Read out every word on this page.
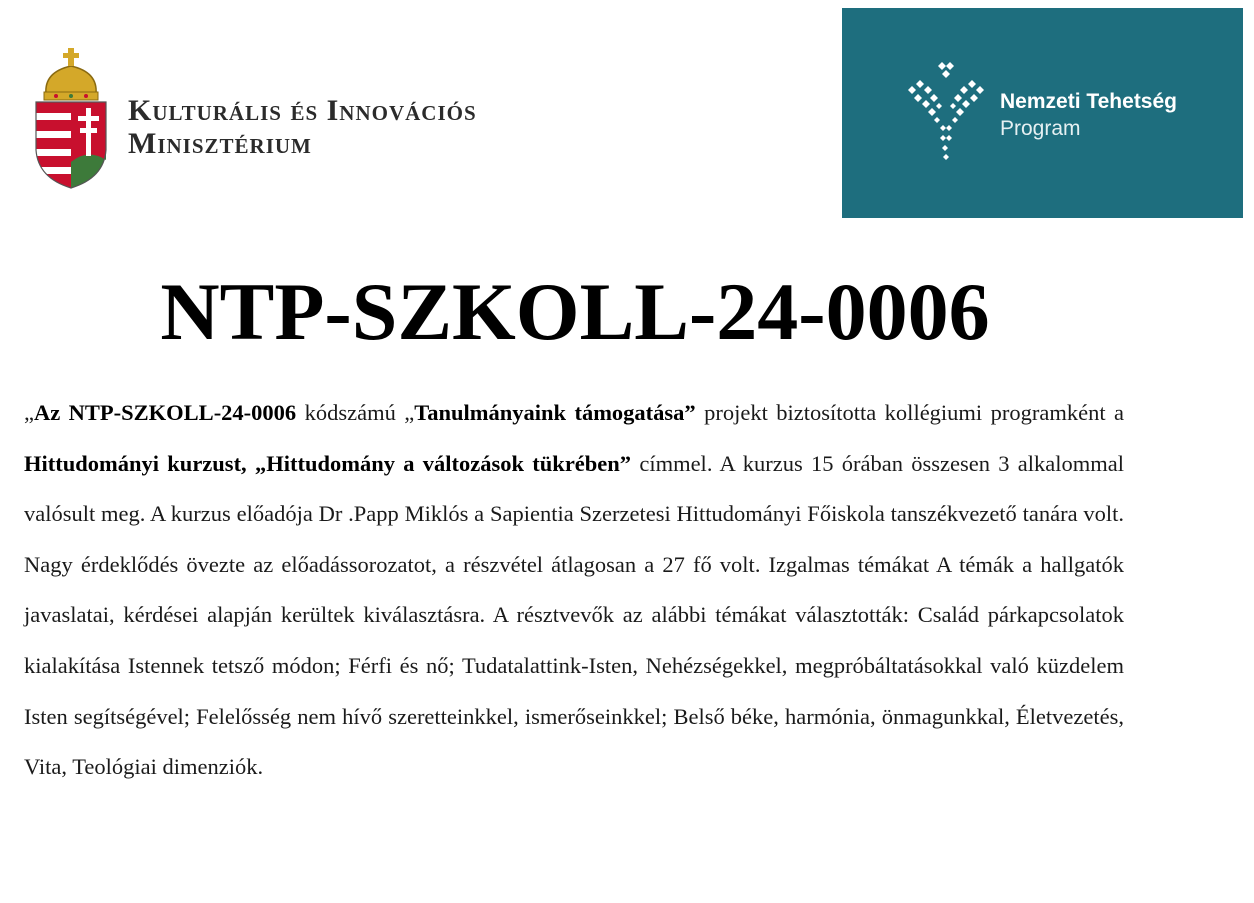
Kulturális és Innovációs
Minisztérium
Nemzeti Tehetség
Program
NTP-SZKOLL-24-0006
„Az NTP-SZKOLL-24-0006 kódszámú „Tanulmányaink támogatása” projekt biztosította kollégiumi programként a Hittudományi kurzust, „Hittudomány a változások tükrében” címmel. A kurzus 15 órában összesen 3 alkalommal valósult meg. A kurzus előadója Dr .Papp Miklós a Sapientia Szerzetesi Hittudományi Főiskola tanszékvezető tanára volt. Nagy érdeklődés övezte az előadássorozatot, a részvétel átlagosan a 27 fő volt. Izgalmas témákat A témák a hallgatók javaslatai, kérdései alapján kerültek kiválasztásra. A résztvevők az alábbi témákat választották: Család párkapcsolatok kialakítása Istennek tetsző módon; Férfi és nő; Tudatalattink-Isten, Nehézségekkel, megpróbáltatásokkal való küzdelem Isten segítségével; Felelősség nem hívő szeretteinkkel, ismerőseinkkel; Belső béke, harmónia, önmagunkkal, Életvezetés, Vita, Teológiai dimenziók.
